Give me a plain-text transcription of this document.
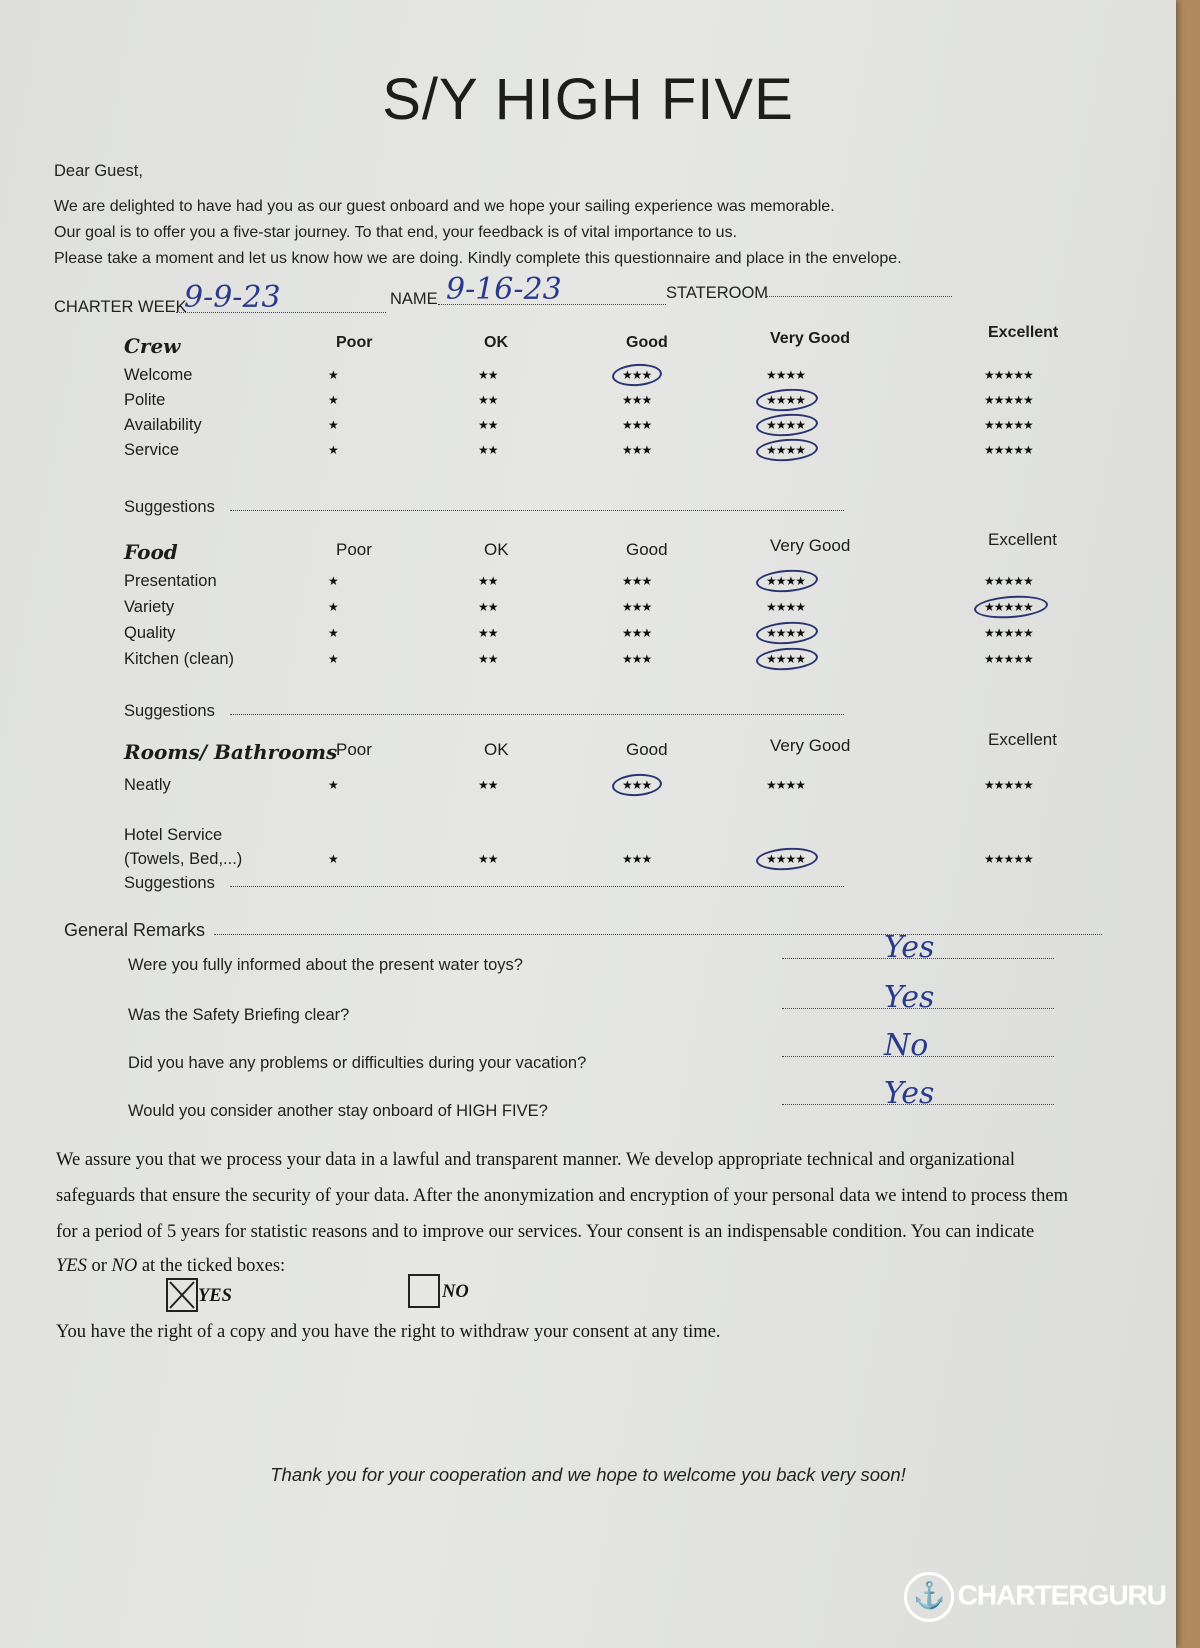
S/Y HIGH FIVE
Dear Guest,
We are delighted to have had you as our guest onboard and we hope your sailing experience was memorable.
Our goal is to offer you a five-star journey. To that end, your feedback is of vital importance to us.
Please take a moment and let us know how we are doing. Kindly complete this questionnaire and place in the envelope.
CHARTER WEEK
9-9-23	NAME 9-16-23	STATEROOM
Crew	Poor	OK	Good	Very Good	Excellent
Welcome	★	★★	★★★	★★★★	★★★★★
Polite	★	★★	★★★	★★★★	★★★★★
Availability	★	★★	★★★	★★★★	★★★★★
Service	★	★★	★★★	★★★★	★★★★★
Suggestions
Food	Poor	OK	Good	Very Good	Excellent
Presentation	★	★★	★★★	★★★★	★★★★★
Variety	★	★★	★★★	★★★★	★★★★★
Quality	★	★★	★★★	★★★★	★★★★★
Kitchen (clean)	★	★★	★★★	★★★★	★★★★★
Suggestions
Rooms/ Bathrooms
Poor	OK	Good	Very Good	Excellent
Neatly	★	★★	★★★	★★★★	★★★★★
Hotel Service
(Towels, Bed,...)	★	★★	★★★	★★★★	★★★★★
Suggestions
General Remarks
Were you fully informed about the present water toys?	Yes
Was the Safety Briefing clear?	Yes
Did you have any problems or difficulties during your vacation?	No
Would you consider another stay onboard of HIGH FIVE?	Yes
We assure you that we process your data in a lawful and transparent manner. We develop appropriate technical and organizational
safeguards that ensure the security of your data. After the anonymization and encryption of your personal data we intend to process them
for a period of 5 years for statistic reasons and to improve our services. Your consent is an indispensable condition. You can indicate
YES or NO at the ticked boxes:
YES	NO
You have the right of a copy and you have the right to withdraw your consent at any time.
Thank you for your cooperation and we hope to welcome you back very soon!
⚓ CHARTERGURU
